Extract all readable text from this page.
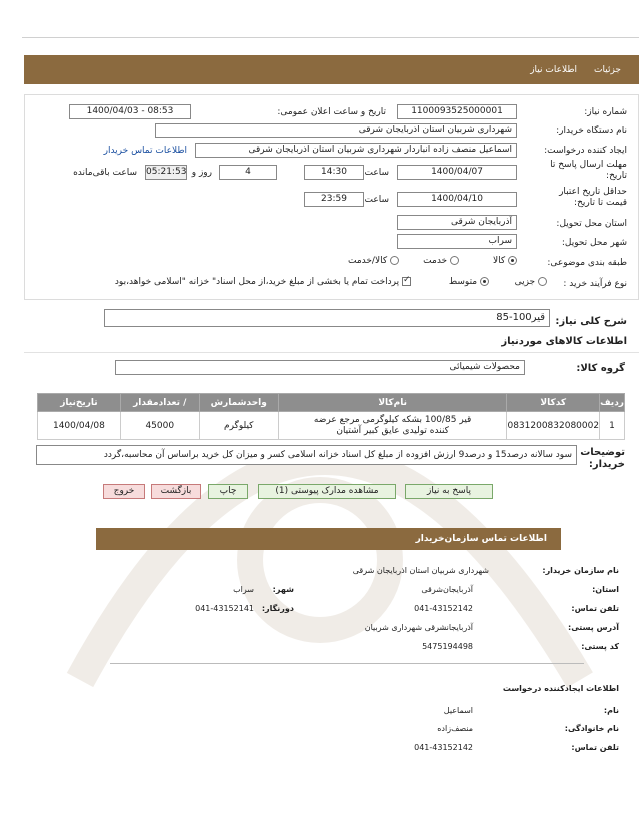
جزئیات
اطلاعات نیاز
شماره نیاز:
1100093525000001
تاریخ و ساعت اعلان عمومی:
1400/04/03 - 08:53
نام دستگاه خریدار:
شهرداری شربیان استان اذربایجان شرقی
ایجاد کننده درخواست:
اسماعیل منصف زاده انباردار شهرداری شربیان استان اذربایجان شرقی
اطلاعات تماس خریدار
مهلت ارسال پاسخ تا تاریخ:
1400/04/07
ساعت
14:30
4
روز و
05:21:53
ساعت باقی‌مانده
حداقل تاریخ اعتبار قیمت تا تاریخ:
1400/04/10
ساعت
23:59
استان محل تحویل:
آذربایجان شرقی
شهر محل تحویل:
سراب
طبقه بندی موضوعی:
کالا
خدمت
کالا/خدمت
نوع فرآیند خرید :
جزیی
متوسط
✓ پرداخت تمام یا بخشی از مبلغ خرید،از محل اسناد" خزانه "اسلامی خواهد،بود
شرح کلی نیاز:
قیر100-85
اطلاعات کالاهای موردنیاز
گروه کالا:
محصولات شیمیائی
ردیف	کدکالا	نام‌کالا	واحدشمارش	/ تعدادمقدار	تاریخ‌نیاز
1	0831200832080002	قیر 100/85 بشکه کیلوگرمی مرجع عرضه
کننده تولیدی عایق کبیر آشتیان	کیلوگرم	45000	1400/04/08
توضیحات خریدار:
سود سالانه درصد15 و درصد9 ارزش افزوده از مبلغ کل اسناد خزانه اسلامی کسر و میزان کل خرید براساس آن محاسبه،گردد
پاسخ به نیاز
مشاهده مدارک پیوستی (1)
چاپ
بازگشت
خروج
اطلاعات تماس سازمان‌خریدار
نام سازمان خریدار:
شهرداری شربیان استان اذربایجان شرقی
استان:
آذربایجان‌شرقی
شهر:
سراب
تلفن تماس:
041-43152142
دورنگار:
041-43152141
آدرس پستی:
آذربایجانشرقی شهرداری شربیان
کد پستی:
5475194498
اطلاعات ایجادکننده درخواست
نام:
اسماعیل
نام خانوادگی:
منصف‌زاده
تلفن تماس:
041-43152142
